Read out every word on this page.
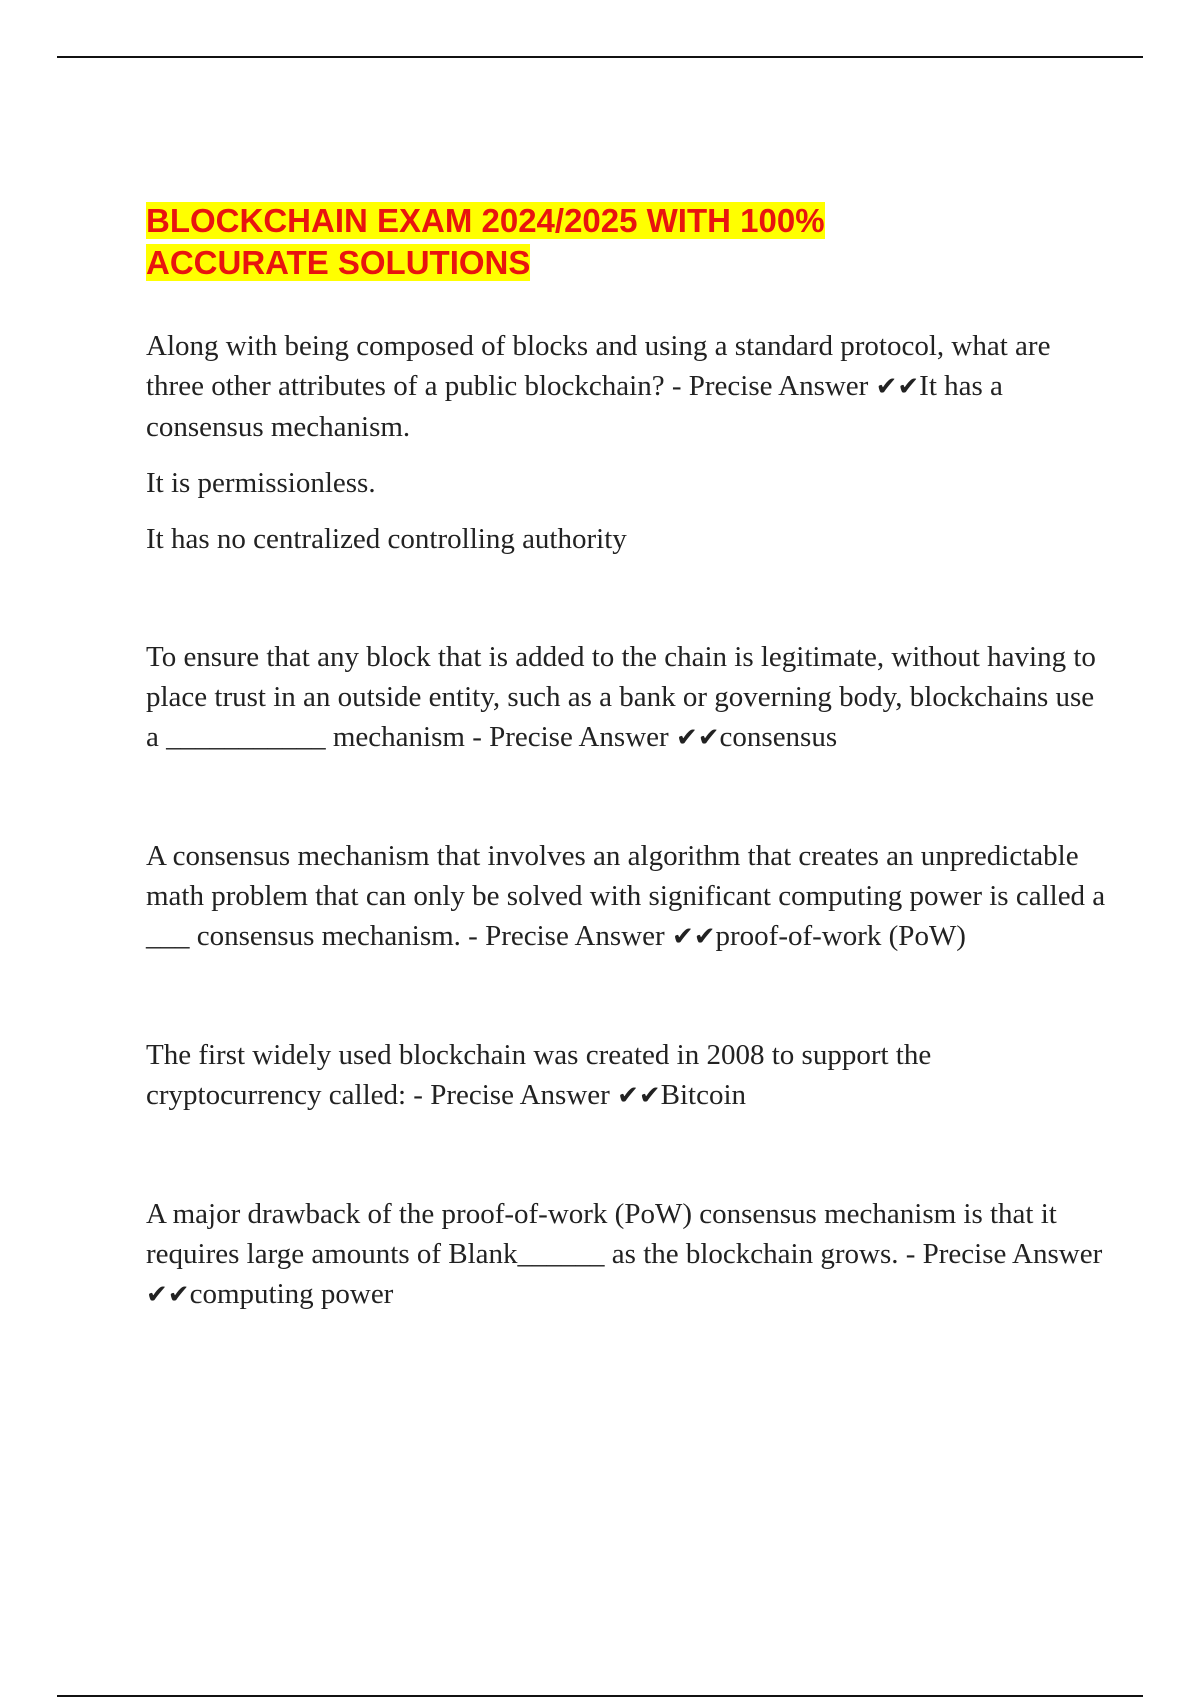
BLOCKCHAIN EXAM 2024/2025 WITH 100%
ACCURATE SOLUTIONS

Along with being composed of blocks and using a standard protocol, what are three other attributes of a public blockchain? - Precise Answer ✔✔It has a consensus mechanism.

It is permissionless.

It has no centralized controlling authority

To ensure that any block that is added to the chain is legitimate, without having to place trust in an outside entity, such as a bank or governing body, blockchains use a ___________ mechanism - Precise Answer ✔✔consensus

A consensus mechanism that involves an algorithm that creates an unpredictable math problem that can only be solved with significant computing power is called a ___ consensus mechanism. - Precise Answer ✔✔proof-of-work (PoW)

The first widely used blockchain was created in 2008 to support the cryptocurrency called: - Precise Answer ✔✔Bitcoin

A major drawback of the proof-of-work (PoW) consensus mechanism is that it requires large amounts of Blank______ as the blockchain grows. - Precise Answer ✔✔computing power
